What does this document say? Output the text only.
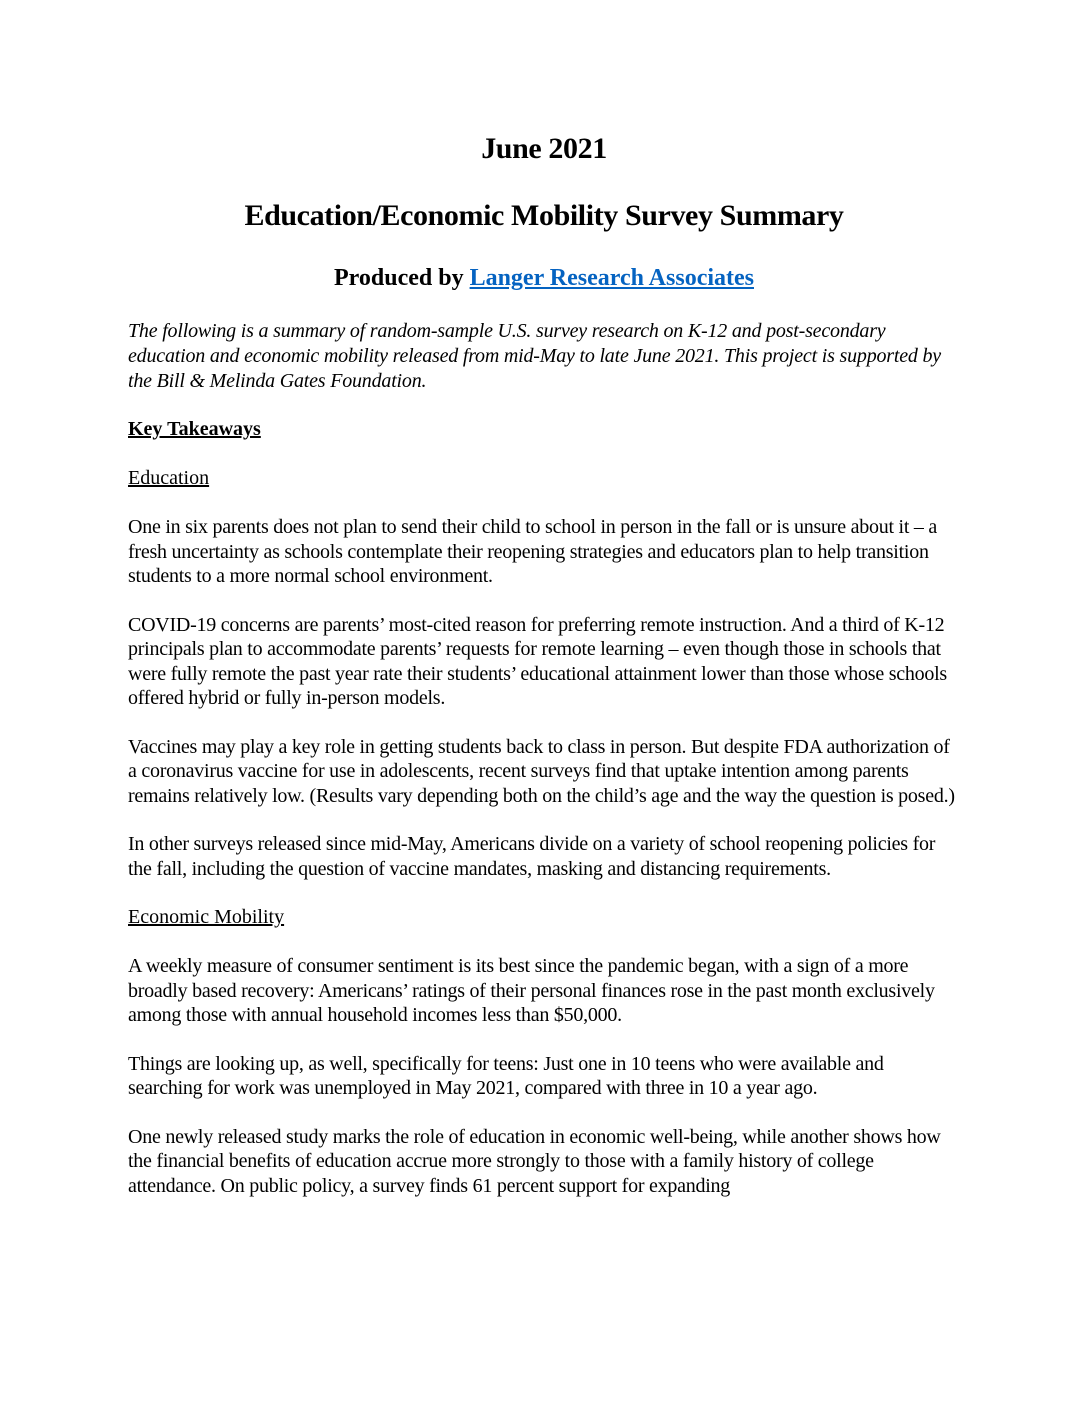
June 2021
Education/Economic Mobility Survey Summary
Produced by Langer Research Associates
The following is a summary of random-sample U.S. survey research on K-12 and post-secondary education and economic mobility released from mid-May to late June 2021. This project is supported by the Bill & Melinda Gates Foundation.
Key Takeaways
Education
One in six parents does not plan to send their child to school in person in the fall or is unsure about it – a fresh uncertainty as schools contemplate their reopening strategies and educators plan to help transition students to a more normal school environment.
COVID-19 concerns are parents’ most-cited reason for preferring remote instruction. And a third of K-12 principals plan to accommodate parents’ requests for remote learning – even though those in schools that were fully remote the past year rate their students’ educational attainment lower than those whose schools offered hybrid or fully in-person models.
Vaccines may play a key role in getting students back to class in person. But despite FDA authorization of a coronavirus vaccine for use in adolescents, recent surveys find that uptake intention among parents remains relatively low. (Results vary depending both on the child’s age and the way the question is posed.)
In other surveys released since mid-May, Americans divide on a variety of school reopening policies for the fall, including the question of vaccine mandates, masking and distancing requirements.
Economic Mobility
A weekly measure of consumer sentiment is its best since the pandemic began, with a sign of a more broadly based recovery: Americans’ ratings of their personal finances rose in the past month exclusively among those with annual household incomes less than $50,000.
Things are looking up, as well, specifically for teens: Just one in 10 teens who were available and searching for work was unemployed in May 2021, compared with three in 10 a year ago.
One newly released study marks the role of education in economic well-being, while another shows how the financial benefits of education accrue more strongly to those with a family history of college attendance. On public policy, a survey finds 61 percent support for expanding
